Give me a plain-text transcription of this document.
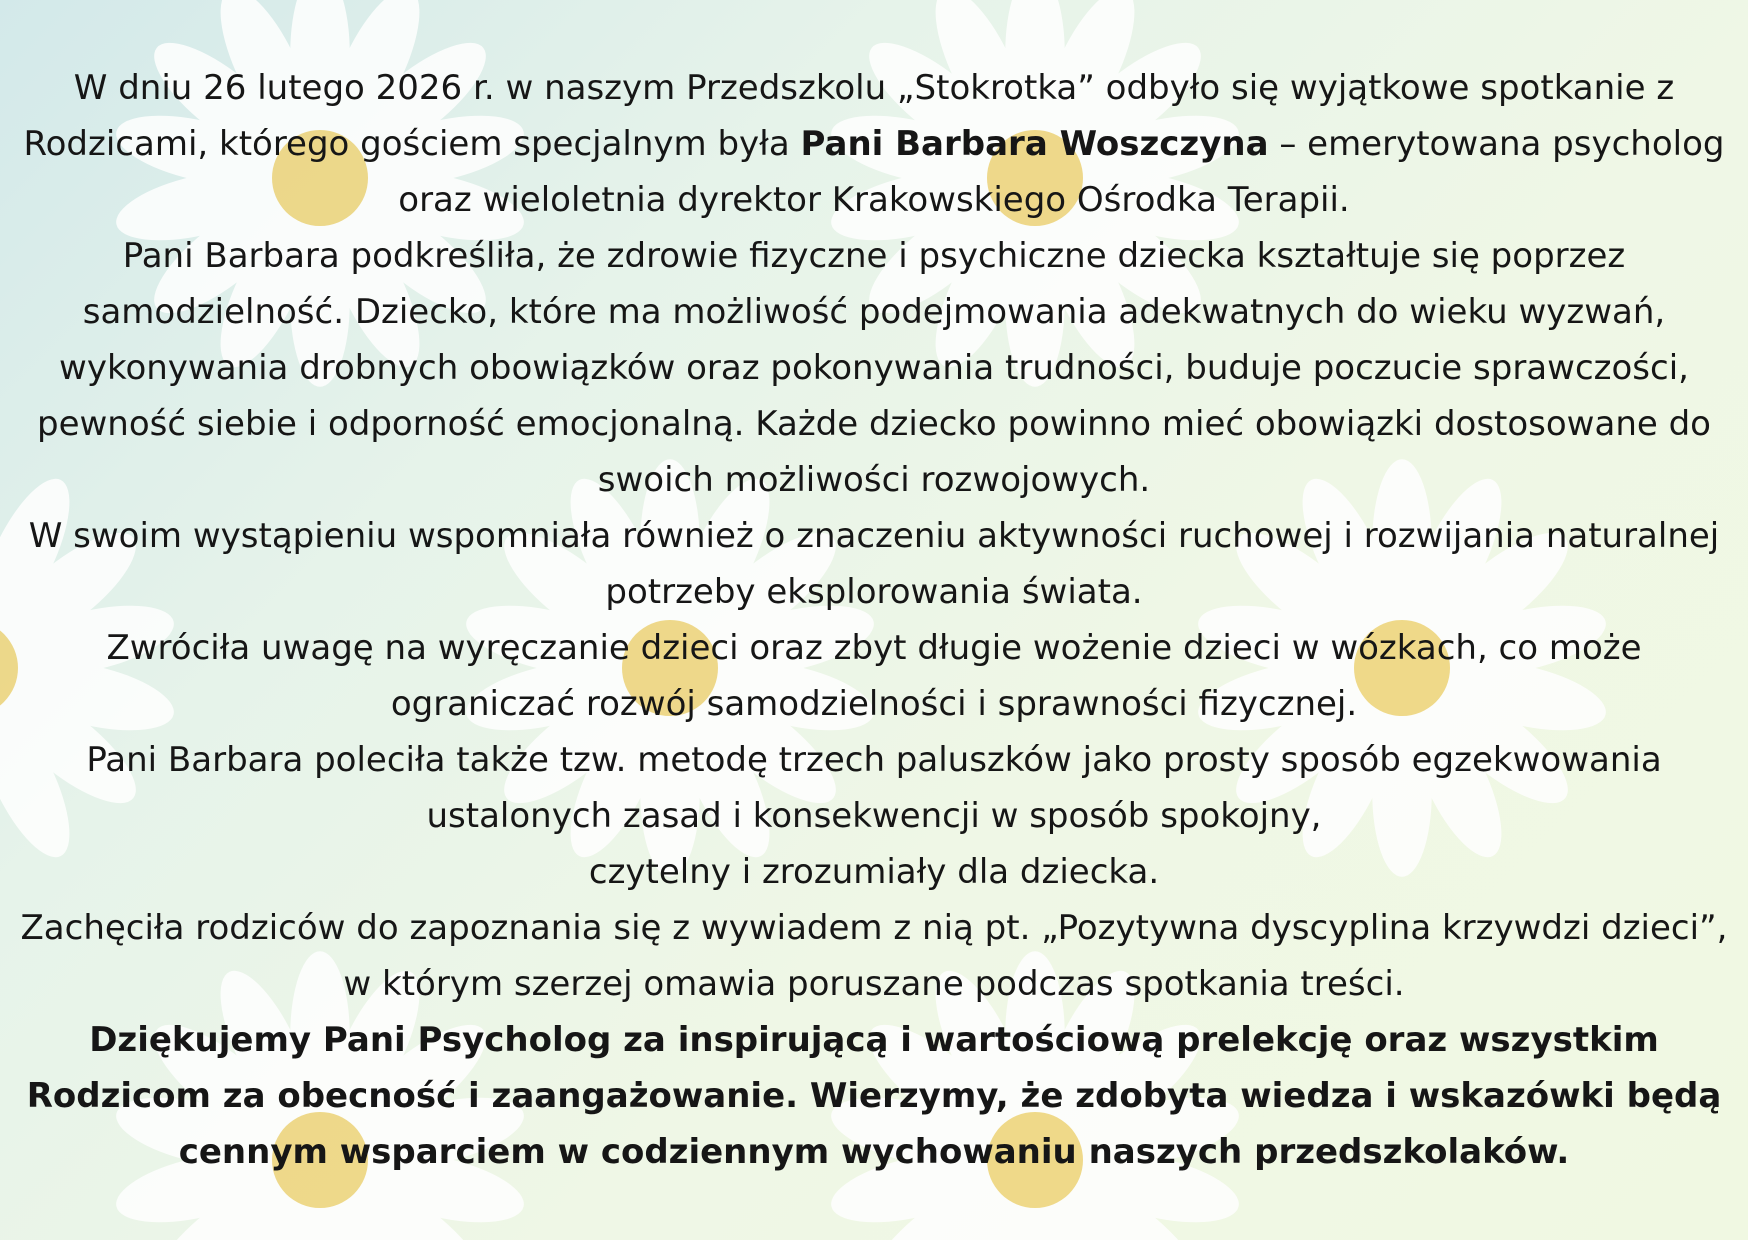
W dniu 26 lutego 2026 r. w naszym Przedszkolu „Stokrotka” odbyło się wyjątkowe spotkanie z Rodzicami, którego gościem specjalnym była Pani Barbara Woszczyna – emerytowana psycholog oraz wieloletnia dyrektor Krakowskiego Ośrodka Terapii.

Pani Barbara podkreśliła, że zdrowie fizyczne i psychiczne dziecka kształtuje się poprzez samodzielność. Dziecko, które ma możliwość podejmowania adekwatnych do wieku wyzwań, wykonywania drobnych obowiązków oraz pokonywania trudności, buduje poczucie sprawczości, pewność siebie i odporność emocjonalną. Każde dziecko powinno mieć obowiązki dostosowane do swoich możliwości rozwojowych.

W swoim wystąpieniu wspomniała również o znaczeniu aktywności ruchowej i rozwijania naturalnej potrzeby eksplorowania świata.

Zwróciła uwagę na wyręczanie dzieci oraz zbyt długie wożenie dzieci w wózkach, co może ograniczać rozwój samodzielności i sprawności fizycznej.

Pani Barbara poleciła także tzw. metodę trzech paluszków jako prosty sposób egzekwowania ustalonych zasad i konsekwencji w sposób spokojny,

czytelny i zrozumiały dla dziecka.

Zachęciła rodziców do zapoznania się z wywiadem z nią pt. „Pozytywna dyscyplina krzywdzi dzieci”, w którym szerzej omawia poruszane podczas spotkania treści.

Dziękujemy Pani Psycholog za inspirującą i wartościową prelekcję oraz wszystkim Rodzicom za obecność i zaangażowanie. Wierzymy, że zdobyta wiedza i wskazówki będą cennym wsparciem w codziennym wychowaniu naszych przedszkolaków.
